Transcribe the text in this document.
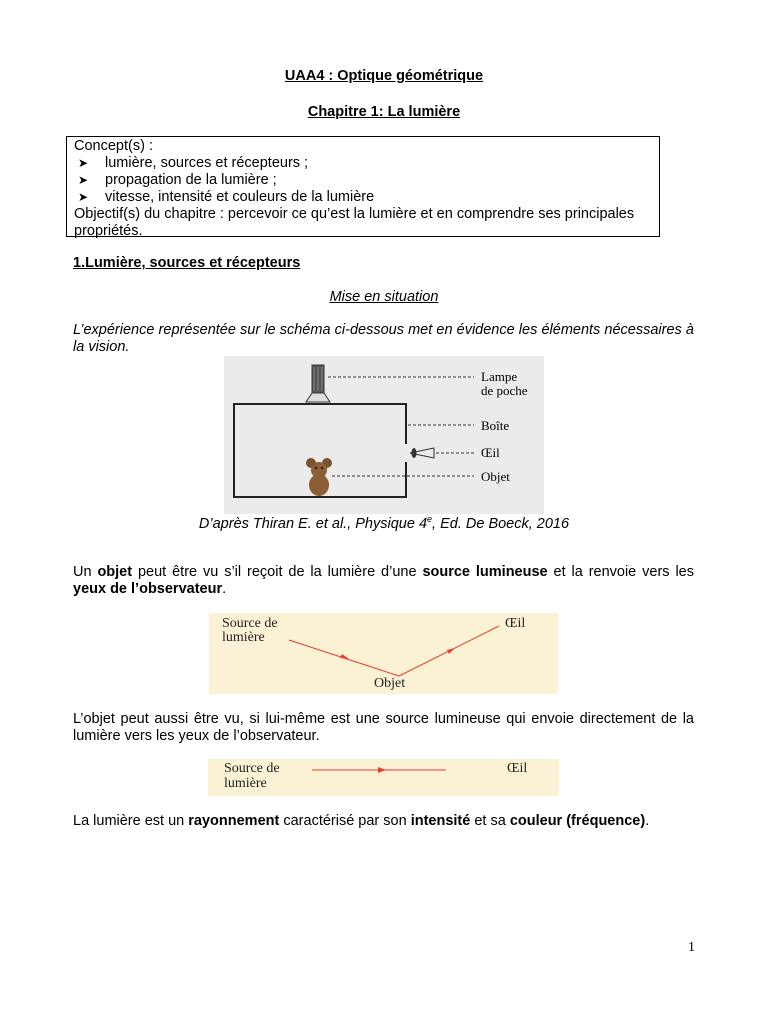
UAA4 : Optique géométrique
Chapitre 1: La lumière
Concept(s) :
➤ lumière, sources et récepteurs ;
➤ propagation de la lumière ;
➤ vitesse, intensité et couleurs de la lumière
Objectif(s) du chapitre : percevoir ce qu’est la lumière et en comprendre ses principales propriétés.
1.Lumière, sources et récepteurs
Mise en situation
L’expérience représentée sur le schéma ci-dessous met en évidence les éléments nécessaires à la vision.
Lampe
de poche
Boîte
Œil
Objet
D’après Thiran E. et al., Physique 4e, Ed. De Boeck, 2016
Un objet peut être vu s’il reçoit de la lumière d’une source lumineuse et la renvoie vers les yeux de l’observateur.
Source de
lumière
Œil
Objet
L’objet peut aussi être vu, si lui-même est une source lumineuse qui envoie directement de la lumière vers les yeux de l’observateur.
Source de
lumière
Œil
La lumière est un rayonnement caractérisé par son intensité et sa couleur (fréquence).
1
